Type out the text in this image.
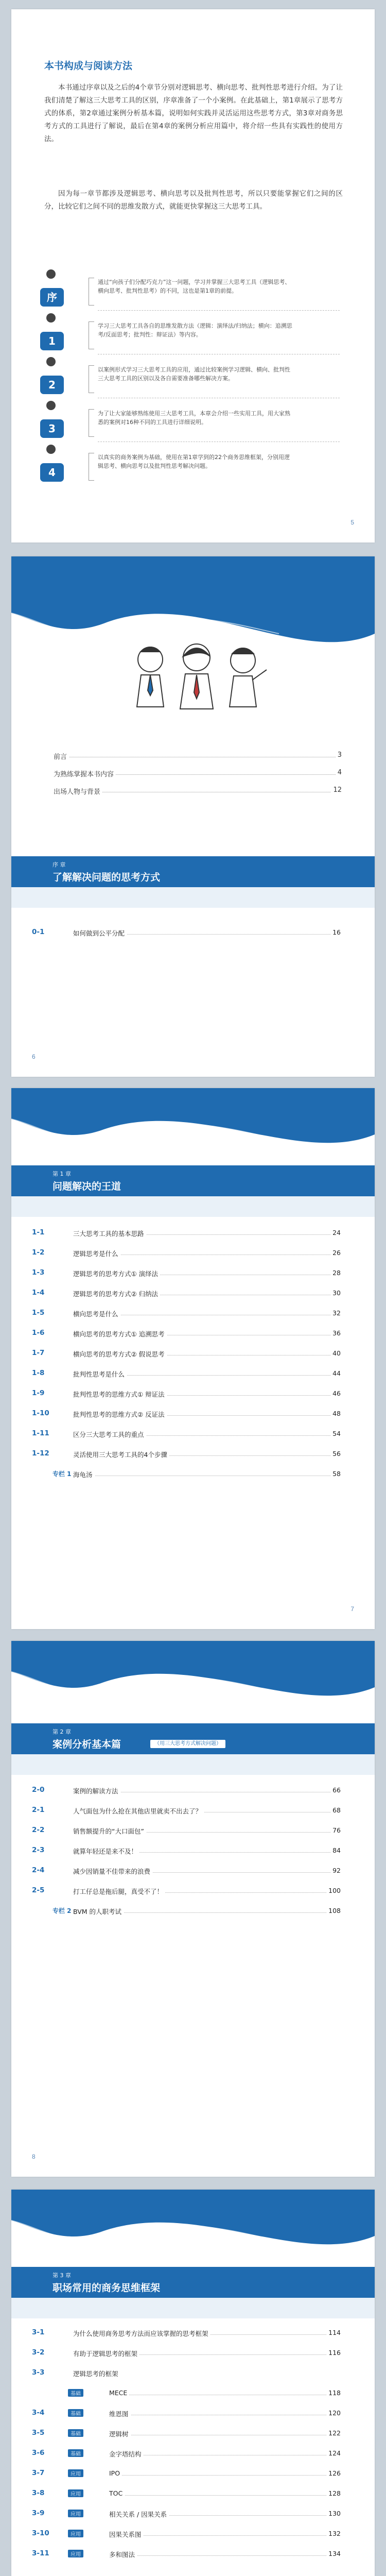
本书构成与阅读方法
本书通过序章以及之后的4个章节分别对逻辑思考、横向思考、批判性思考进行介绍。为了让我们清楚了解这三大思考工具的区别，序章准备了一个小案例。在此基础上，第1章展示了思考方式的体系，第2章通过案例分析基本篇，说明如何实践并灵活运用这些思考方式，第3章对商务思考方式的工具进行了解说，最后在第4章的案例分析应用篇中，将介绍一些具有实践性的使用方法。
因为每一章节都涉及逻辑思考、横向思考以及批判性思考，所以只要能掌握它们之间的区分，比较它们之间不同的思维发散方式，就能更快掌握这三大思考工具。
序
通过“向孩子们分配巧克力”这一问题，学习并掌握三大思考工具（逻辑思考、横向思考、批判性思考）的不同，这也是第1章的前提。
1
学习三大思考工具各自的思维发散方法（逻辑：演绎法/归纳法；横向：追溯思考/反面思考；批判性：辩证法）等内容。
2
以案例形式学习三大思考工具的应用，通过比较案例学习逻辑、横向、批判性三大思考工具的区别以及各自需要准备哪些解决方案。
3
为了让大家能够熟练使用三大思考工具，本章会介绍一些实用工具，用大家熟悉的案例对16种不同的工具进行详细说明。
4
以真实的商务案例为基础，使用在第1章学到的22个商务思维框架，分别用逻辑思考、横向思考以及批判性思考解决问题。
5
目 录
contents
前言	3
为熟练掌握本书内容	4
出场人物与背景	12
序 章
了解解决问题的思考方式
0-1	如何做到公平分配	16
6
第 1 章
问题解决的王道
1-1	三大思考工具的基本思路	24
1-2	逻辑思考是什么	26
1-3	逻辑思考的思考方式① 演绎法	28
1-4	逻辑思考的思考方式② 归纳法	30
1-5	横向思考是什么	32
1-6	横向思考的思考方式① 追溯思考	36
1-7	横向思考的思考方式② 假说思考	40
1-8	批判性思考是什么	44
1-9	批判性思考的思维方式① 辩证法	46
1-10	批判性思考的思维方式② 反证法	48
1-11	区分三大思考工具的重点	54
1-12	灵活使用三大思考工具的4个步骤	56
专栏 1 海龟汤	58
7
第 2 章
案例分析基本篇	（用三大思考方式解决问题）
2-0	案例的解读方法	66
2-1	人气面包为什么抢在其他店里就卖不出去了？	68
2-2	销售额提升的“大口面包”	76
2-3	就算年轻还是来不及！	84
2-4	减少因销量不佳带来的浪费	92
2-5	打工仔总是拖后腿，真受不了！	100
专栏 2 BVM 的人职考试	108
8
第 3 章
职场常用的商务思维框架
3-1	为什么使用商务思考方法而应该掌握的思考框架	114
3-2	有助于逻辑思考的框架	116
3-3	逻辑思考的框架
基础	MECE	118
3-4	基础	维恩图	120
3-5	基础	逻辑树	122
3-6	基础	金字塔结构	124
3-7	应用	IPO	126
3-8	应用	TOC	128
3-9	应用	相关关系 / 因果关系	130
3-10	应用	因果关系图	132
3-11	应用	多和图法	134
